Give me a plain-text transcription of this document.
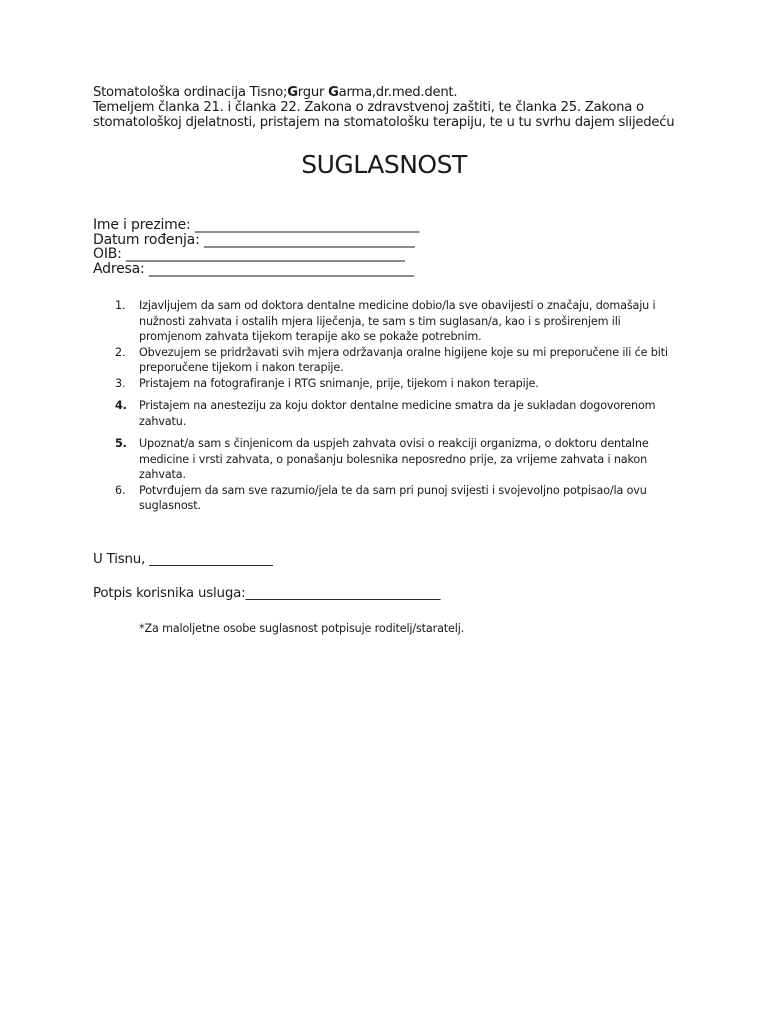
Stomatološka ordinacija Tisno;Grgur Garma,dr.med.dent.
Temeljem članka 21. i članka 22. Zakona o zdravstvenoj zaštiti, te članka 25. Zakona o
stomatološkoj djelatnosti, pristajem na stomatološku terapiju, te u tu svrhu dajem slijedeću
SUGLASNOST
Ime i prezime: _________________________________
Datum rođenja: _______________________________
OIB: _________________________________________
Adresa: _______________________________________
1. Izjavljujem da sam od doktora dentalne medicine dobio/la sve obavijesti o značaju, domašaju i nužnosti zahvata i ostalih mjera liječenja, te sam s tim suglasan/a, kao i s proširenjem ili promjenom zahvata tijekom terapije ako se pokaže potrebnim.
2. Obvezujem se pridržavati svih mjera održavanja oralne higijene koje su mi preporučene ili će biti preporučene tijekom i nakon terapije.
3. Pristajem na fotografiranje i RTG snimanje, prije, tijekom i nakon terapije.
4. Pristajem na anesteziju za koju doktor dentalne medicine smatra da je sukladan dogovorenom zahvatu.
5. Upoznat/a sam s činjenicom da uspjeh zahvata ovisi o reakciji organizma, o doktoru dentalne medicine i vrsti zahvata, o ponašanju bolesnika neposredno prije, za vrijeme zahvata i nakon zahvata.
6. Potvrđujem da sam sve razumio/jela te da sam pri punoj svijesti i svojevoljno potpisao/la ovu suglasnost.
U Tisnu, ___________________
Potpis korisnika usluga:______________________________
*Za maloljetne osobe suglasnost potpisuje roditelj/staratelj.
